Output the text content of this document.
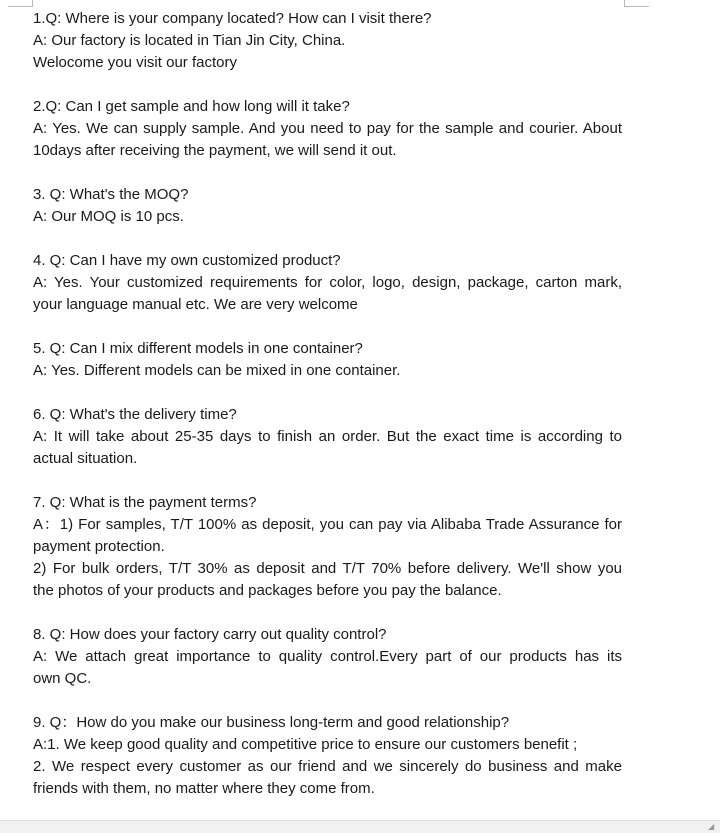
1.Q: Where is your company located? How can I visit there?
A: Our factory is located in Tian Jin City, China.
Welocome you visit our factory
2.Q: Can I get sample and how long will it take?
A: Yes. We can supply sample. And you need to pay for the sample and courier. About
10days after receiving the payment, we will send it out.
3. Q: What's the MOQ?
A: Our MOQ is 10 pcs.
4. Q: Can I have my own customized product?
A: Yes. Your customized requirements for color, logo, design, package, carton mark,
your language manual etc. We are very welcome
5. Q: Can I mix different models in one container?
A: Yes. Different models can be mixed in one container.
6. Q: What's the delivery time?
A: It will take about 25-35 days to finish an order. But the exact time is according to
actual situation.
7. Q: What is the payment terms?
A：1) For samples, T/T 100% as deposit, you can pay via Alibaba Trade Assurance for
payment protection.
2) For bulk orders, T/T 30% as deposit and T/T 70% before delivery. We'll show you
the photos of your products and packages before you pay the balance.
8. Q: How does your factory carry out quality control?
A: We attach great importance to quality control.Every part of our products has its
own QC.
9. Q：How do you make our business long-term and good relationship?
A:1. We keep good quality and competitive price to ensure our customers benefit ;
2. We respect every customer as our friend and we sincerely do business and make
friends with them, no matter where they come from.
◢
